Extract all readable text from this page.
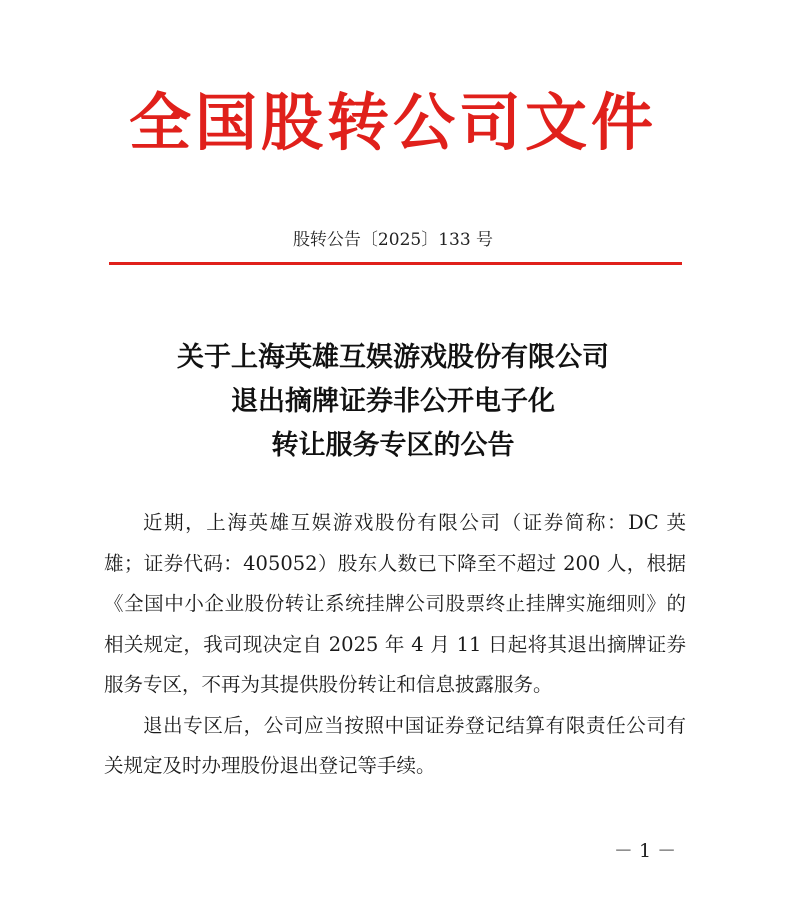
全国股转公司文件
股转公告〔2025〕133 号
关于上海英雄互娱游戏股份有限公司
退出摘牌证券非公开电子化
转让服务专区的公告

近期，上海英雄互娱游戏股份有限公司（证券简称：DC 英雄；证券代码：405052）股东人数已下降至不超过 200 人，根据《全国中小企业股份转让系统挂牌公司股票终止挂牌实施细则》的相关规定，我司现决定自 2025 年 4 月 11 日起将其退出摘牌证券服务专区，不再为其提供股份转让和信息披露服务。

退出专区后，公司应当按照中国证券登记结算有限责任公司有关规定及时办理股份退出登记等手续。

－ 1 －
